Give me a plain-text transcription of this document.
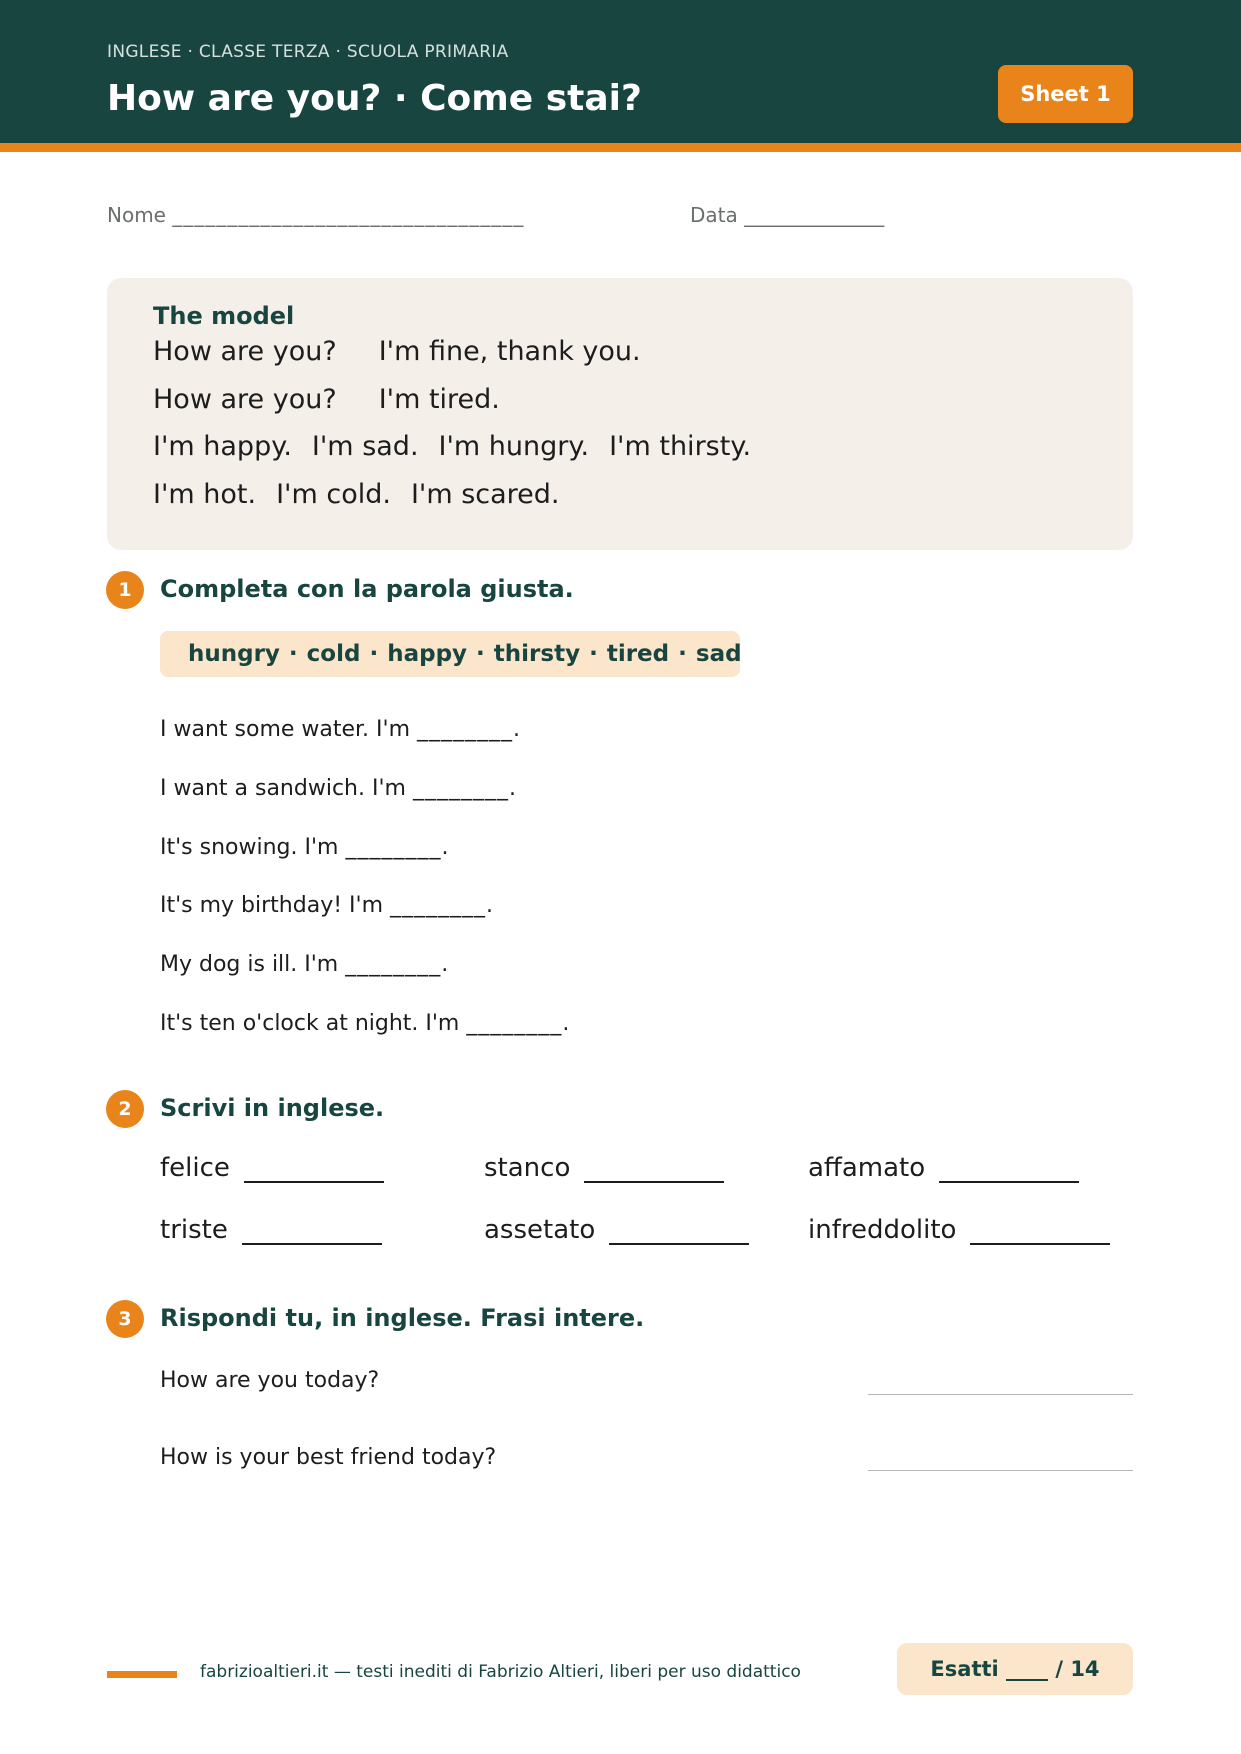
INGLESE · CLASSE TERZA · SCUOLA PRIMARIA
How are you? · Come stai?	Sheet 1
Nome ________________________________	Data ______________
The model
How are you? I'm fine, thank you.
How are you? I'm tired.
I'm happy. I'm sad. I'm hungry. I'm thirsty.
I'm hot. I'm cold. I'm scared.
1	Completa con la parola giusta.
hungry · cold · happy · thirsty · tired · sad
I want some water. I'm ________.
I want a sandwich. I'm ________.
It's snowing. I'm ________.
It's my birthday! I'm ________.
My dog is ill. I'm ________.
It's ten o'clock at night. I'm ________.
2	Scrivi in inglese.
felice	stanco	affamato
triste	assetato	infreddolito
3	Rispondi tu, in inglese. Frasi intere.
How are you today?
How is your best friend today?
fabrizioaltieri.it — testi inediti di Fabrizio Altieri, liberi per uso didattico	Esatti
____
/ 14
